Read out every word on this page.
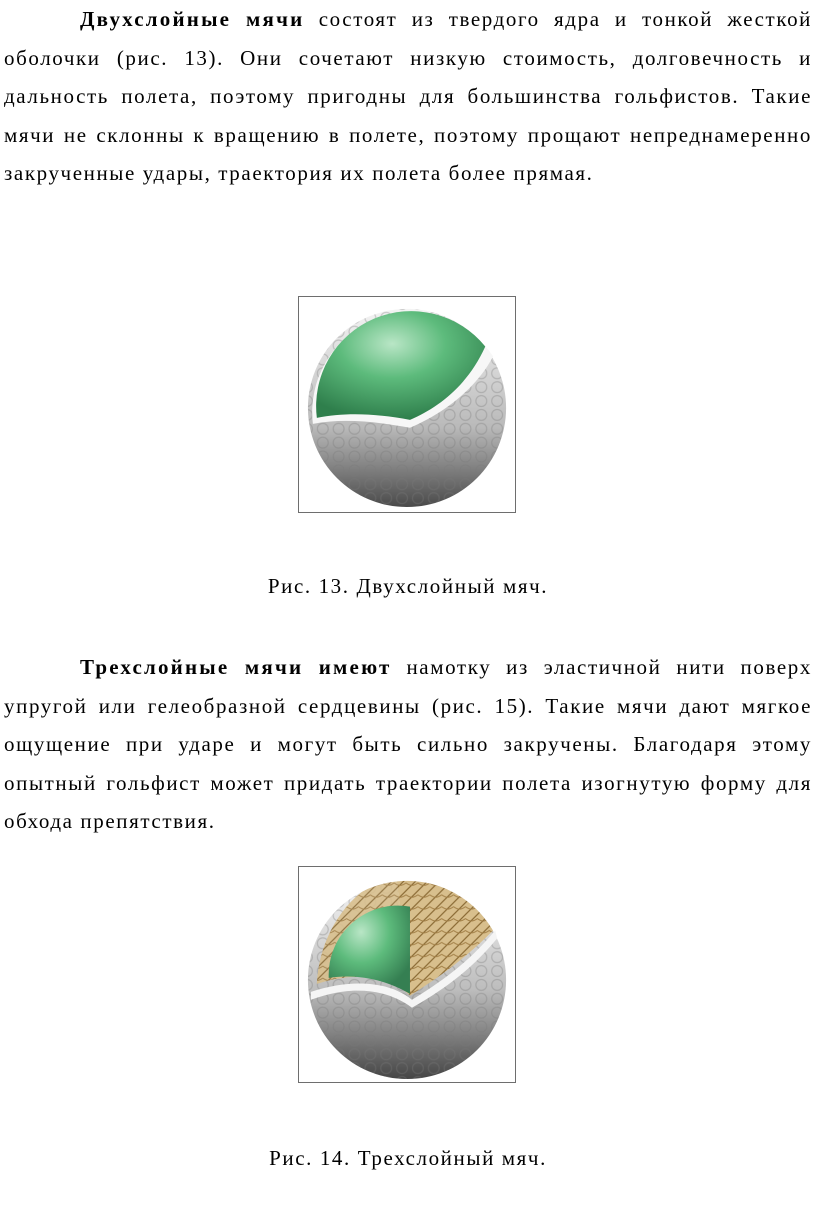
Двухслойные мячи состоят из твердого ядра и тонкой жесткой оболочки (рис. 13). Они сочетают низкую стоимость, долговечность и дальность полета, поэтому пригодны для большинства гольфистов. Такие мячи не склонны к вращению в полете, поэтому прощают непреднамеренно закрученные удары, траектория их полета более прямая.

Рис. 13. Двухслойный мяч.

Трехслойные мячи имеют намотку из эластичной нити поверх упругой или гелеобразной сердцевины (рис. 15). Такие мячи дают мягкое ощущение при ударе и могут быть сильно закручены. Благодаря этому опытный гольфист может придать траектории полета изогнутую форму для обхода препятствия.

Рис. 14. Трехслойный мяч.
